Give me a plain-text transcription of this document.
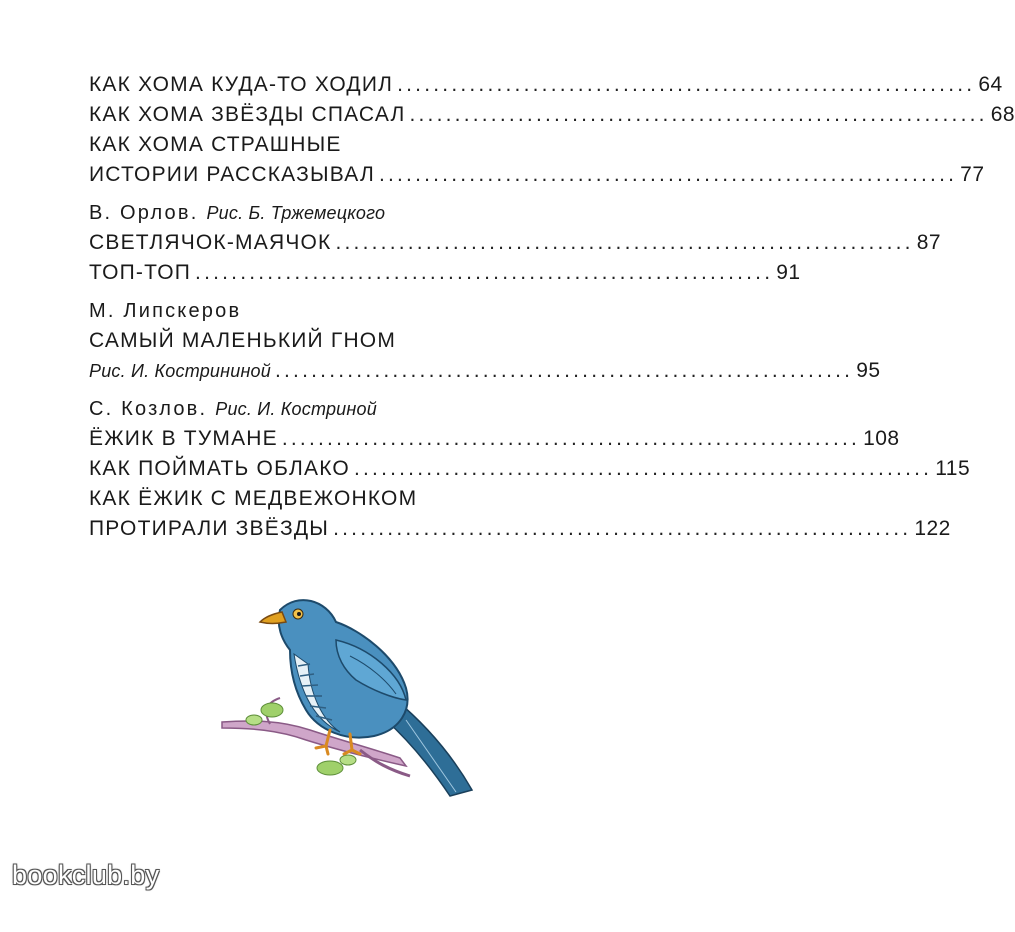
КАК ХОМА КУДА-ТО ХОДИЛ ................................................................ 64
КАК ХОМА ЗВЁЗДЫ СПАСАЛ ................................................................ 68
КАК ХОМА СТРАШНЫЕ
ИСТОРИИ РАССКАЗЫВАЛ ................................................................ 77
В. Орлов. Рис. Б. Тржемецкого
СВЕТЛЯЧОК-МАЯЧОК ................................................................ 87
ТОП-ТОП ................................................................ 91
М. Липскеров
САМЫЙ МАЛЕНЬКИЙ ГНОМ
Рис. И. Кострининой ................................................................ 95
С. Козлов. Рис. И. Костриной
ЁЖИК В ТУМАНЕ ................................................................ 108
КАК ПОЙМАТЬ ОБЛАКО ................................................................ 115
КАК ЁЖИК С МЕДВЕЖОНКОМ
ПРОТИРАЛИ ЗВЁЗДЫ ................................................................ 122
bookclub.by
